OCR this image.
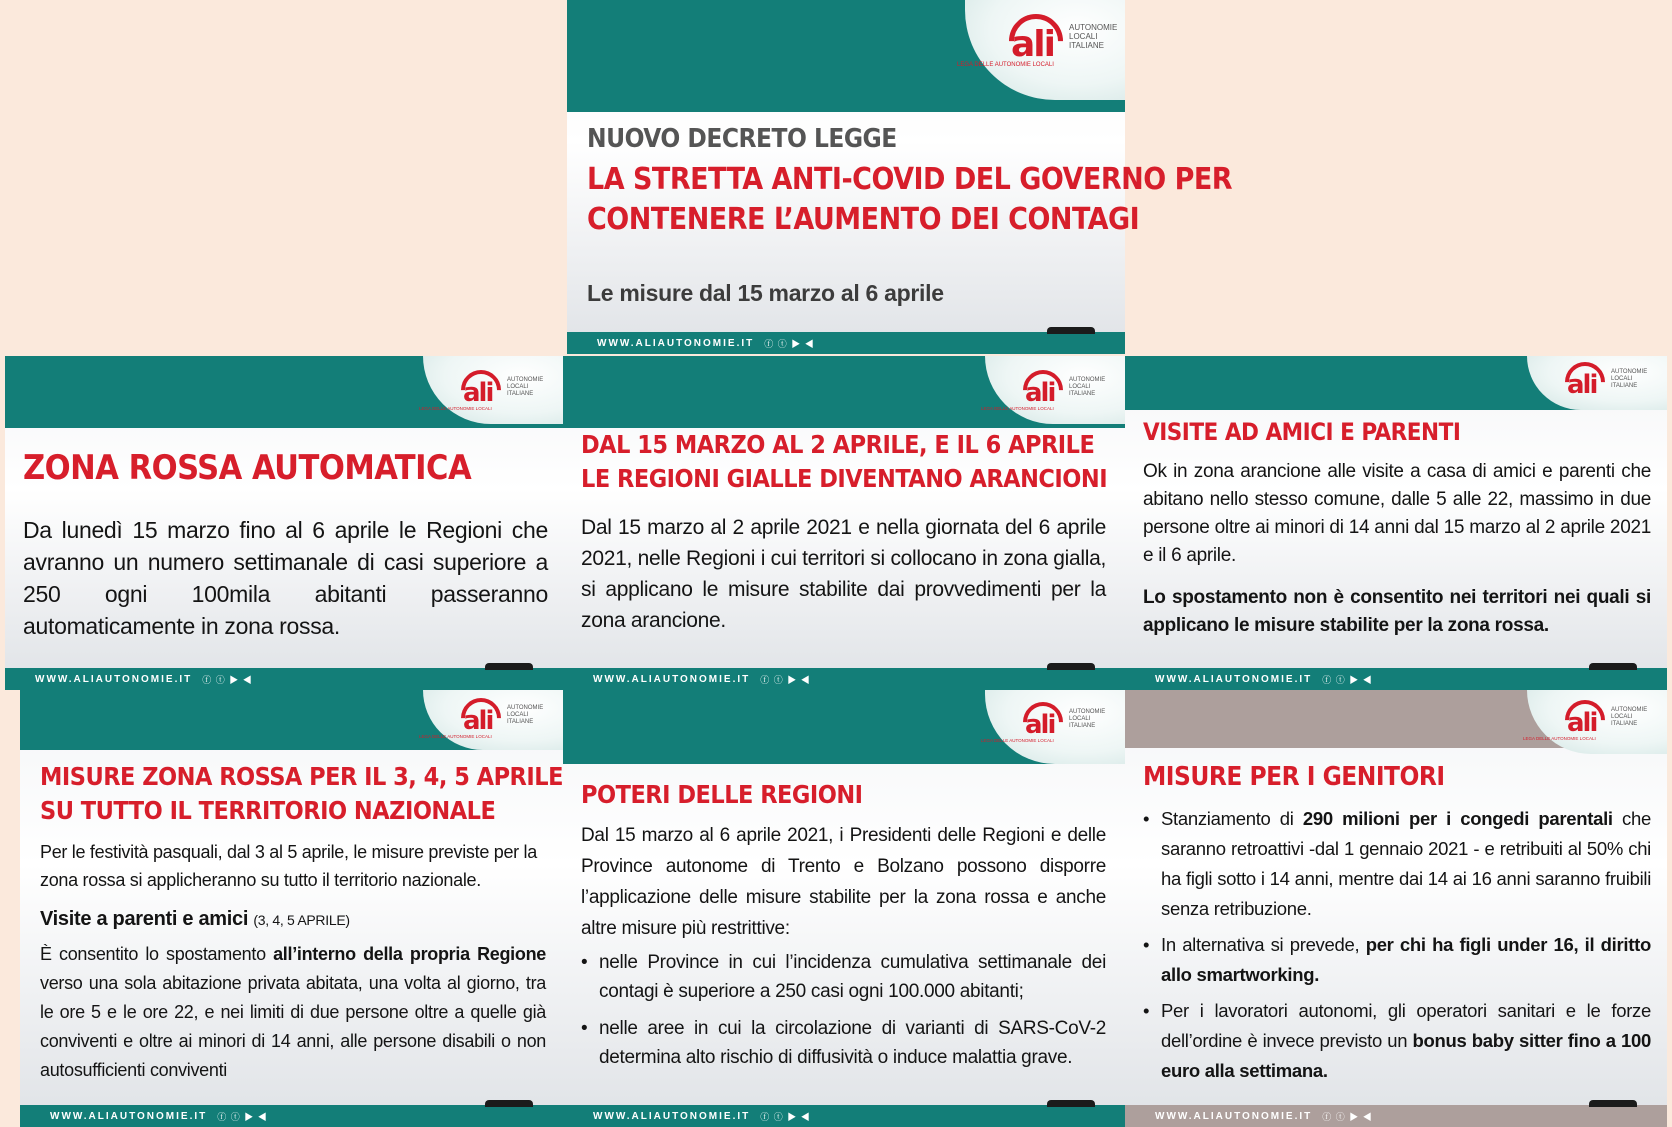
ali AUTONOMIE LOCALI ITALIANE
LEGA DELLE AUTONOMIE LOCALI
NUOVO DECRETO LEGGE
LA STRETTA ANTI-COVID DEL GOVERNO PER
CONTENERE L’AUMENTO DEI CONTAGI
Le misure dal 15 marzo al 6 aprile
WWW.ALIAUTONOMIE.IT ⓕ ⓣ ▶ ◀
ali AUTONOMIE LOCALI ITALIANE
LEGA DELLE AUTONOMIE LOCALI
ZONA ROSSA AUTOMATICA
Da lunedì 15 marzo fino al 6 aprile le Regioni che avranno un numero settimanale di casi superiore a 250 ogni 100mila abitanti passeranno automaticamente in zona rossa.
WWW.ALIAUTONOMIE.IT ⓕ ⓣ ▶ ◀
ali AUTONOMIE LOCALI ITALIANE
LEGA DELLE AUTONOMIE LOCALI
DAL 15 MARZO AL 2 APRILE, E IL 6 APRILE
LE REGIONI GIALLE DIVENTANO ARANCIONI
Dal 15 marzo al 2 aprile 2021 e nella giornata del 6 aprile 2021, nelle Regioni i cui territori si collocano in zona gialla, si applicano le misure stabilite dai provvedimenti per la zona arancione.
WWW.ALIAUTONOMIE.IT ⓕ ⓣ ▶ ◀
ali AUTONOMIE LOCALI ITALIANE
VISITE AD AMICI E PARENTI
Ok in zona arancione alle visite a casa di amici e parenti che abitano nello stesso comune, dalle 5 alle 22, massimo in due persone oltre ai minori di 14 anni dal 15 marzo al 2 aprile 2021 e il 6 aprile.
Lo spostamento non è consentito nei territori nei quali si applicano le misure stabilite per la zona rossa.
WWW.ALIAUTONOMIE.IT ⓕ ⓣ ▶ ◀
ali AUTONOMIE LOCALI ITALIANE
LEGA DELLE AUTONOMIE LOCALI
MISURE ZONA ROSSA PER IL 3, 4, 5 APRILE
SU TUTTO IL TERRITORIO NAZIONALE
Per le festività pasquali, dal 3 al 5 aprile, le misure previste per la zona rossa si applicheranno su tutto il territorio nazionale.
Visite a parenti e amici (3, 4, 5 APRILE)
È consentito lo spostamento all’interno della propria Regione verso una sola abitazione privata abitata, una volta al giorno, tra le ore 5 e le ore 22, e nei limiti di due persone oltre a quelle già conviventi e oltre ai minori di 14 anni, alle persone disabili o non autosufficienti conviventi
WWW.ALIAUTONOMIE.IT ⓕ ⓣ ▶ ◀
ali AUTONOMIE LOCALI ITALIANE
LEGA DELLE AUTONOMIE LOCALI
POTERI DELLE REGIONI
Dal 15 marzo al 6 aprile 2021, i Presidenti delle Regioni e delle Province autonome di Trento e Bolzano possono disporre l’applicazione delle misure stabilite per la zona rossa e anche altre misure più restrittive:
• nelle Province in cui l’incidenza cumulativa settimanale dei contagi è superiore a 250 casi ogni 100.000 abitanti;
• nelle aree in cui la circolazione di varianti di SARS-CoV-2 determina alto rischio di diffusività o induce malattia grave.
WWW.ALIAUTONOMIE.IT ⓕ ⓣ ▶ ◀
ali AUTONOMIE LOCALI ITALIANE
LEGA DELLE AUTONOMIE LOCALI
MISURE PER I GENITORI
• Stanziamento di 290 milioni per i congedi parentali che saranno retroattivi -dal 1 gennaio 2021 - e retribuiti al 50% chi ha figli sotto i 14 anni, mentre dai 14 ai 16 anni saranno fruibili senza retribuzione.
• In alternativa si prevede, per chi ha figli under 16, il diritto allo smartworking.
• Per i lavoratori autonomi, gli operatori sanitari e le forze dell’ordine è invece previsto un bonus baby sitter fino a 100 euro alla settimana.
WWW.ALIAUTONOMIE.IT ⓕ ⓣ ▶ ◀
